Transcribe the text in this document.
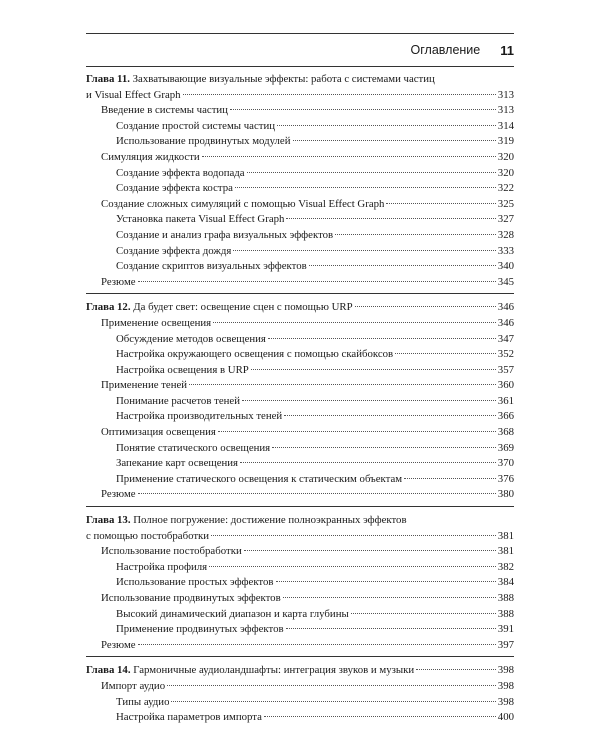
Оглавление 11
Глава 11. Захватывающие визуальные эффекты: работа с системами частиц
и Visual Effect Graph	313
Введение в системы частиц	313
Создание простой системы частиц	314
Использование продвинутых модулей	319
Симуляция жидкости	320
Создание эффекта водопада	320
Создание эффекта костра	322
Создание сложных симуляций с помощью Visual Effect Graph	325
Установка пакета Visual Effect Graph	327
Создание и анализ графа визуальных эффектов	328
Создание эффекта дождя	333
Создание скриптов визуальных эффектов	340
Резюме	345
Глава 12. Да будет свет: освещение сцен с помощью URP	346
Применение освещения	346
Обсуждение методов освещения	347
Настройка окружающего освещения с помощью скайбоксов	352
Настройка освещения в URP	357
Применение теней	360
Понимание расчетов теней	361
Настройка производительных теней	366
Оптимизация освещения	368
Понятие статического освещения	369
Запекание карт освещения	370
Применение статического освещения к статическим объектам	376
Резюме	380
Глава 13. Полное погружение: достижение полноэкранных эффектов
с помощью постобработки	381
Использование постобработки	381
Настройка профиля	382
Использование простых эффектов	384
Использование продвинутых эффектов	388
Высокий динамический диапазон и карта глубины	388
Применение продвинутых эффектов	391
Резюме	397
Глава 14. Гармоничные аудиоландшафты: интеграция звуков и музыки	398
Импорт аудио	398
Типы аудио	398
Настройка параметров импорта	400
